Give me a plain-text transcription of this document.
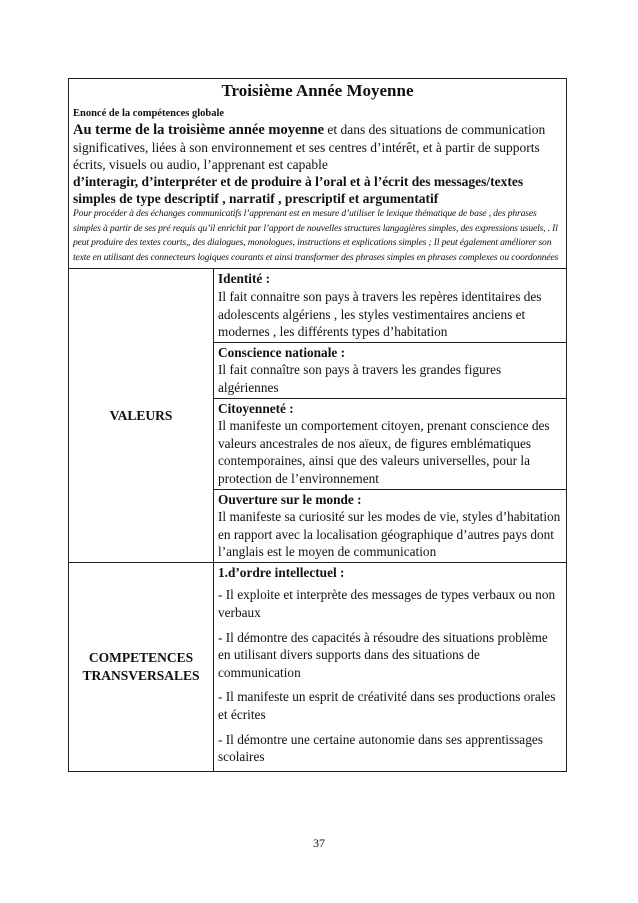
Troisième Année Moyenne
Enoncé de la compétences globale
Au terme de la troisième année moyenne et dans des situations de communication significatives, liées à son environnement et ses centres d’intérêt, et à partir de supports écrits, visuels ou audio, l’apprenant est capable
d’interagir, d’interpréter et de produire à l’oral et à l’écrit des messages/textes simples de type descriptif , narratif , prescriptif et argumentatif
Pour procéder à des échanges communicatifs l’apprenant est en mesure d’utiliser le lexique thématique de base , des phrases simples à partir de ses pré requis qu’il enrichit par l’apport de nouvelles structures langagières simples, des expressions usuels, . Il peut produire des textes courts,, des dialogues, monologues, instructions et explications simples ; Il peut également améliorer son texte en utilisant des connecteurs logiques courants et ainsi transformer des phrases simples en phrases complexes ou coordonnées
VALEURS
Identité :
Il fait connaitre son pays à travers les repères identitaires des adolescents algériens , les styles vestimentaires anciens et modernes , les différents types d’habitation
Conscience nationale :
Il fait connaître son pays à travers les grandes figures algériennes
Citoyenneté :
Il manifeste un comportement citoyen, prenant conscience des valeurs ancestrales de nos aïeux, de figures emblématiques contemporaines, ainsi que des valeurs universelles, pour la protection de l’environnement
Ouverture sur le monde :
Il manifeste sa curiosité sur les modes de vie, styles d’habitation en rapport avec la localisation géographique d’autres pays dont l’anglais est le moyen de communication
COMPETENCES
TRANSVERSALES
1.d’ordre intellectuel :
- Il exploite et interprète des messages de types verbaux ou non verbaux
- Il démontre des capacités à résoudre des situations problème en utilisant divers supports dans des situations de communication
- Il manifeste un esprit de créativité dans ses productions orales et écrites
- Il démontre une certaine autonomie dans ses apprentissages scolaires
37
